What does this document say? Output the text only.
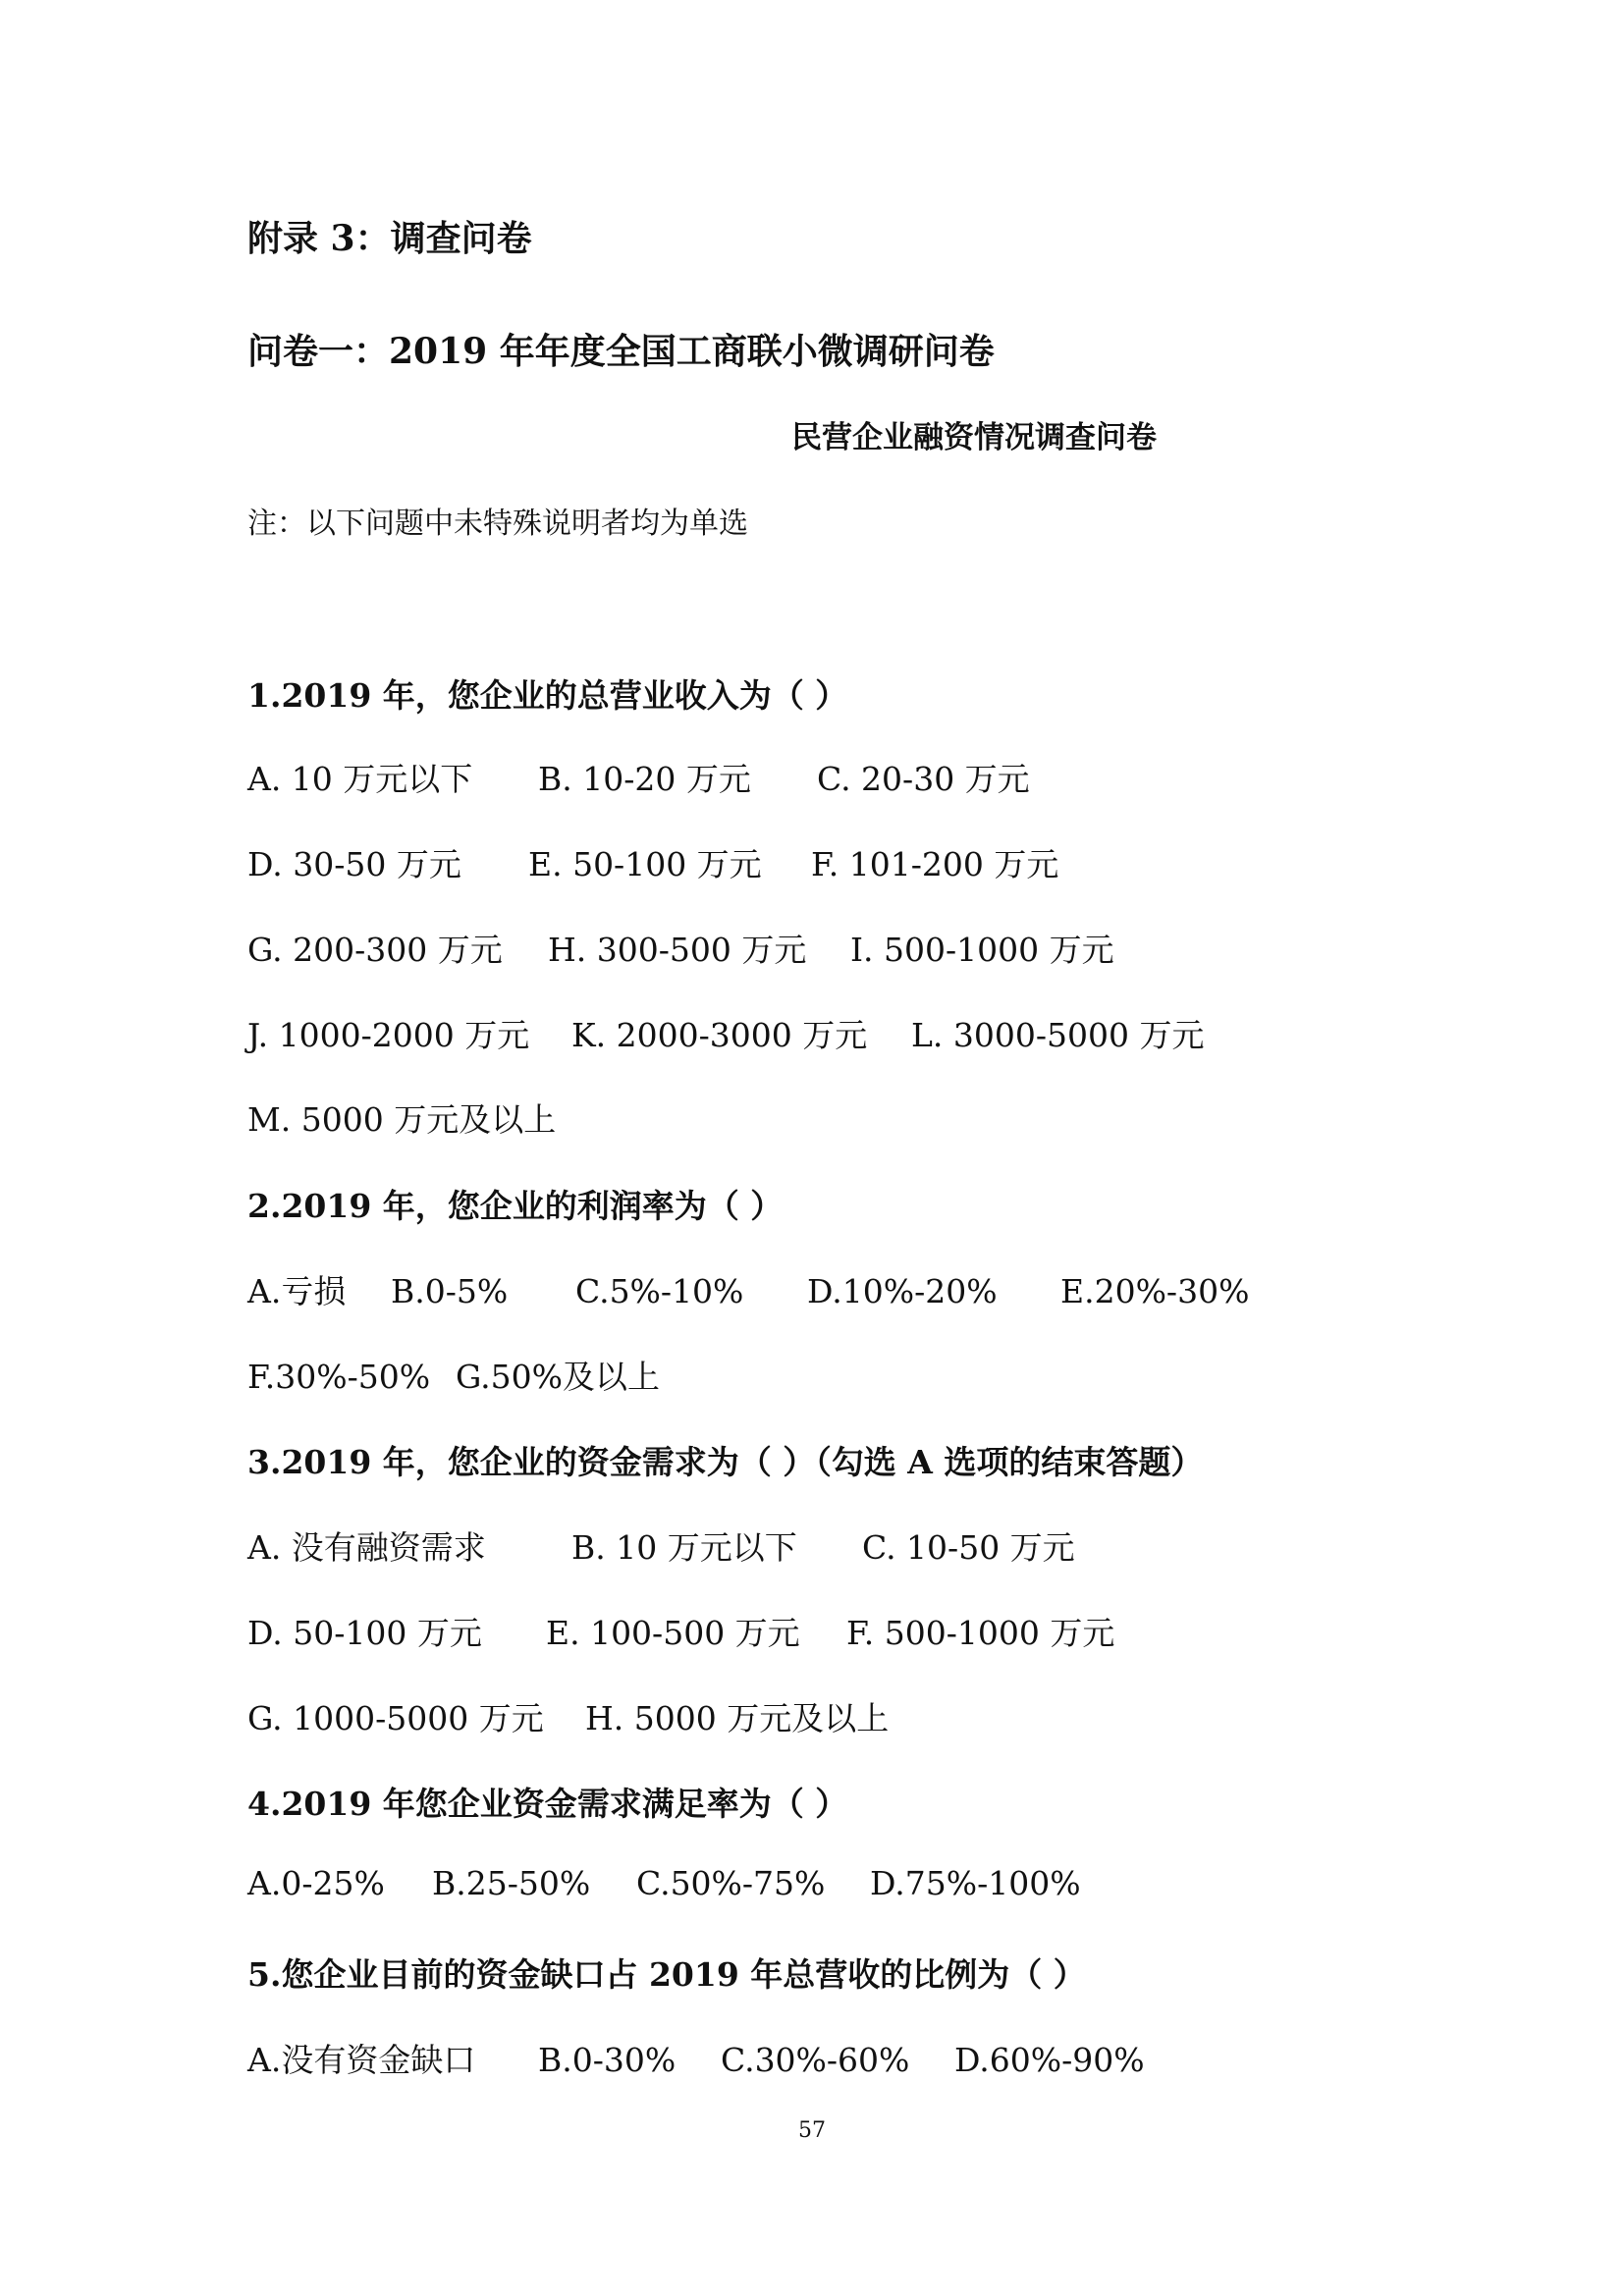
附录 3：调查问卷
问卷一：2019 年年度全国工商联小微调研问卷
民营企业融资情况调查问卷
注：以下问题中未特殊说明者均为单选
1.2019 年，您企业的总营业收入为（ ）
A. 10 万元以下 B. 10-20 万元 C. 20-30 万元
D. 30-50 万元 E. 50-100 万元 F. 101-200 万元
G. 200-300 万元 H. 300-500 万元 I. 500-1000 万元
J. 1000-2000 万元 K. 2000-3000 万元 L. 3000-5000 万元
M. 5000 万元及以上
2.2019 年，您企业的利润率为（ ）
A.亏损 B.0-5% C.5%-10% D.10%-20% E.20%-30%
F.30%-50% G.50%及以上
3.2019 年，您企业的资金需求为（ ）（勾选 A 选项的结束答题）
A. 没有融资需求	B. 10 万元以下 C. 10-50 万元
D. 50-100 万元 E. 100-500 万元 F. 500-1000 万元
G. 1000-5000 万元 H. 5000 万元及以上
4.2019 年您企业资金需求满足率为（ ）
A.0-25% B.25-50% C.50%-75% D.75%-100%
5.您企业目前的资金缺口占 2019 年总营收的比例为（ ）
A.没有资金缺口 B.0-30% C.30%-60% D.60%-90%
57
